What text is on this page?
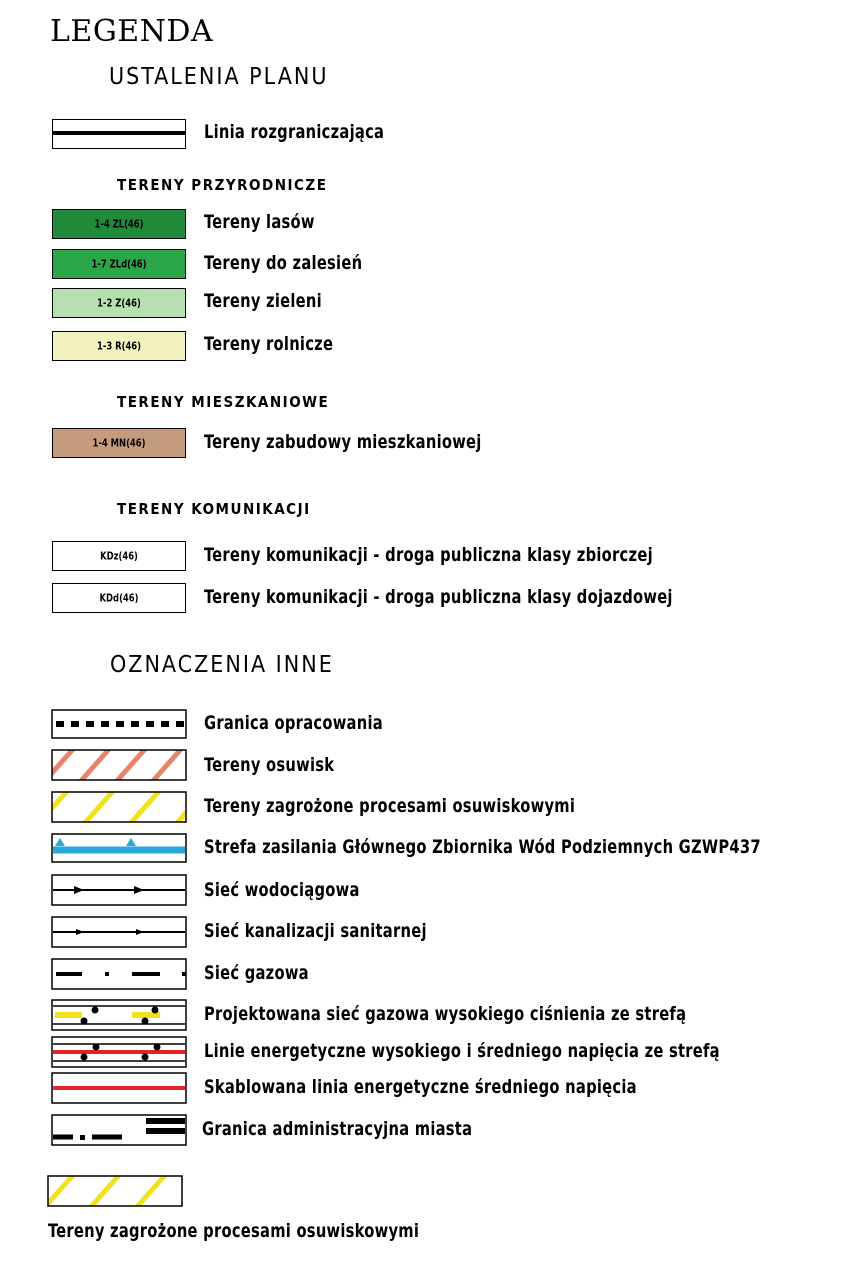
LEGENDA
USTALENIA PLANU
Linia rozgraniczająca
TERENY PRZYRODNICZE
1-4 ZL(46)	Tereny lasów
1-7 ZLd(46)	Tereny do zalesień
1-2 Z(46)	Tereny zieleni
1-3 R(46)	Tereny rolnicze
TERENY MIESZKANIOWE
1-4 MN(46)	Tereny zabudowy mieszkaniowej
TERENY KOMUNIKACJI
KDz(46)	Tereny komunikacji - droga publiczna klasy zbiorczej
KDd(46)	Tereny komunikacji - droga publiczna klasy dojazdowej
OZNACZENIA INNE
Granica opracowania
Tereny osuwisk
Tereny zagrożone procesami osuwiskowymi
Strefa zasilania Głównego Zbiornika Wód Podziemnych GZWP437
Sieć wodociągowa
Sieć kanalizacji sanitarnej
Sieć gazowa
Projektowana sieć gazowa wysokiego ciśnienia ze strefą
Linie energetyczne wysokiego i średniego napięcia ze strefą
Skablowana linia energetyczne średniego napięcia
Granica administracyjna miasta
Tereny zagrożone procesami osuwiskowymi
